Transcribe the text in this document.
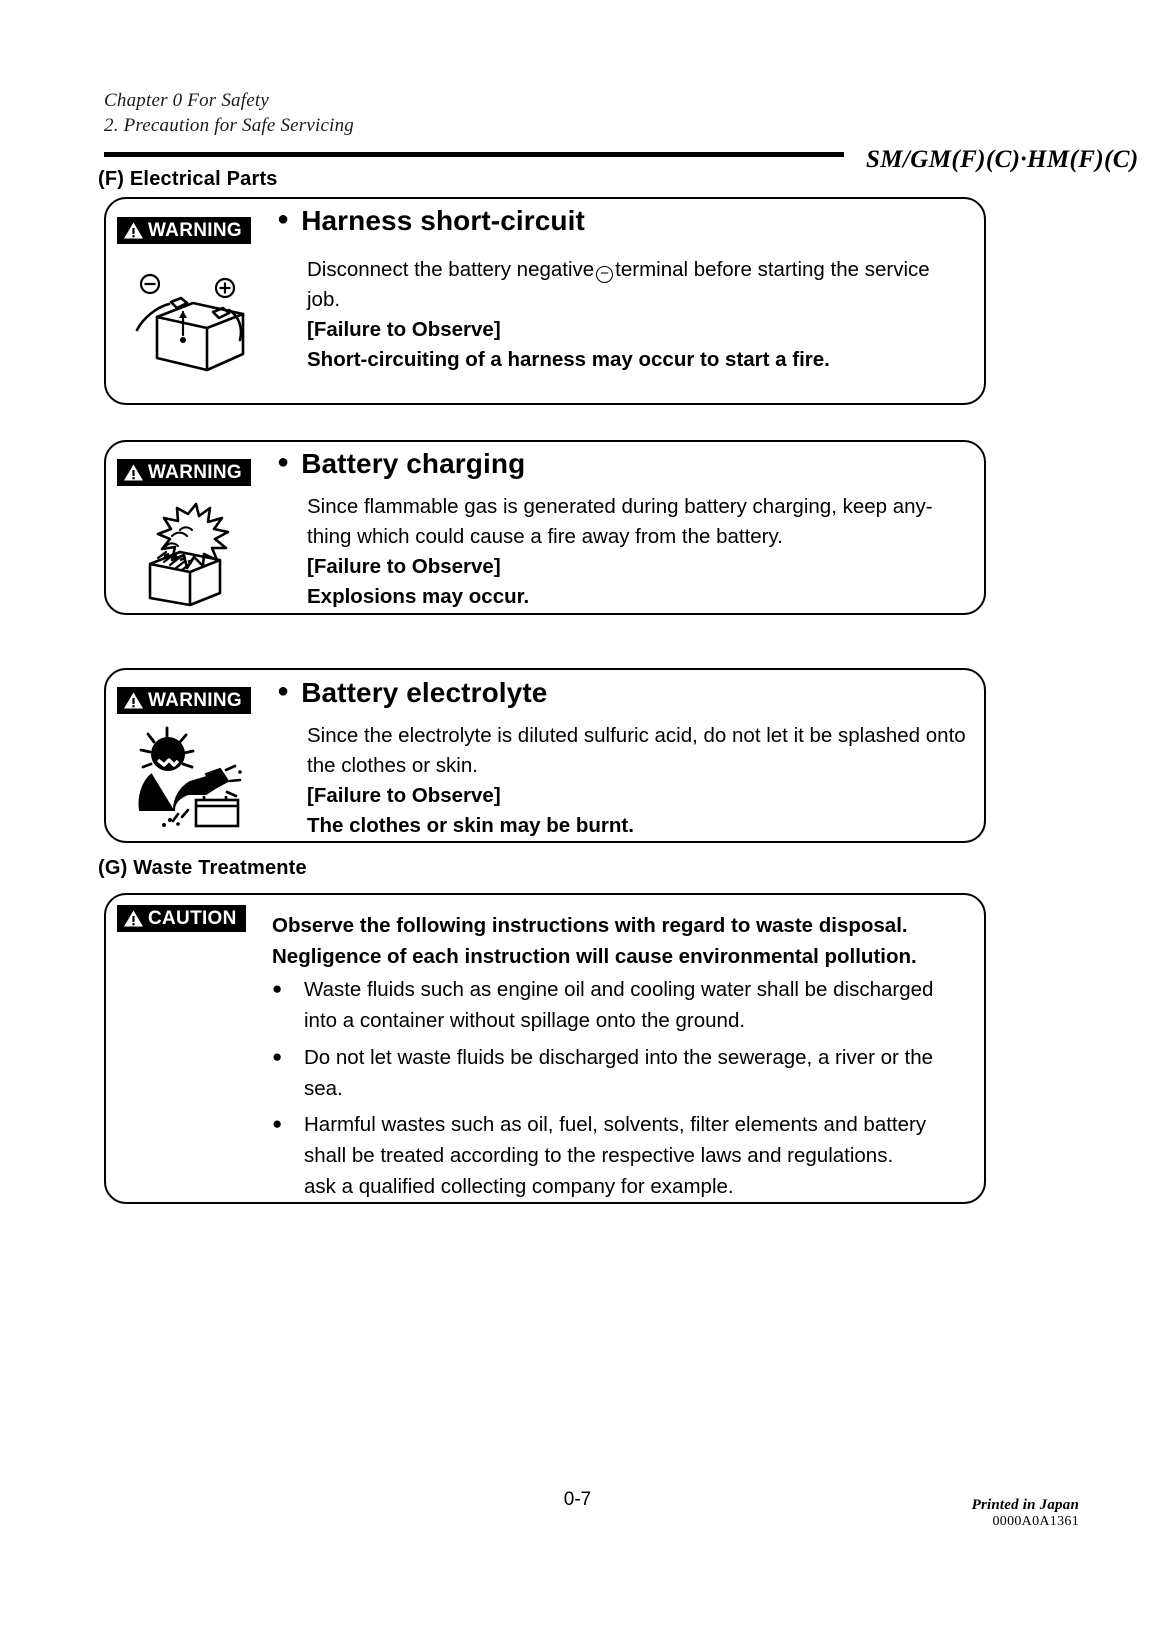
Chapter 0 For Safety
2. Precaution for Safe Servicing
SM/GM(F)(C)·HM(F)(C)
(F) Electrical Parts
WARNING
● Harness short-circuit

Disconnect the battery negative − terminal before starting the service

job.

[Failure to Observe]
Short-circuiting of a harness may occur to start a fire.
WARNING ● Battery charging
Since flammable gas is generated during battery charging, keep any-
thing which could cause a fire away from the battery.
[Failure to Observe]
Explosions may occur.
WARNING ● Battery electrolyte
Since the electrolyte is diluted sulfuric acid, do not let it be splashed onto
the clothes or skin.
[Failure to Observe]
The clothes or skin may be burnt.
(G) Waste Treatmente
CAUTION Observe the following instructions with regard to waste disposal.
Negligence of each instruction will cause environmental pollution.
● Waste fluids such as engine oil and cooling water shall be discharged

into a container without spillage onto the ground.

● Do not let waste fluids be discharged into the sewerage, a river or the

sea.

● Harmful wastes such as oil, fuel, solvents, filter elements and battery

shall be treated according to the respective laws and regulations.

ask a qualified collecting company for example.

0-7	Printed in Japan
0000A0A1361
